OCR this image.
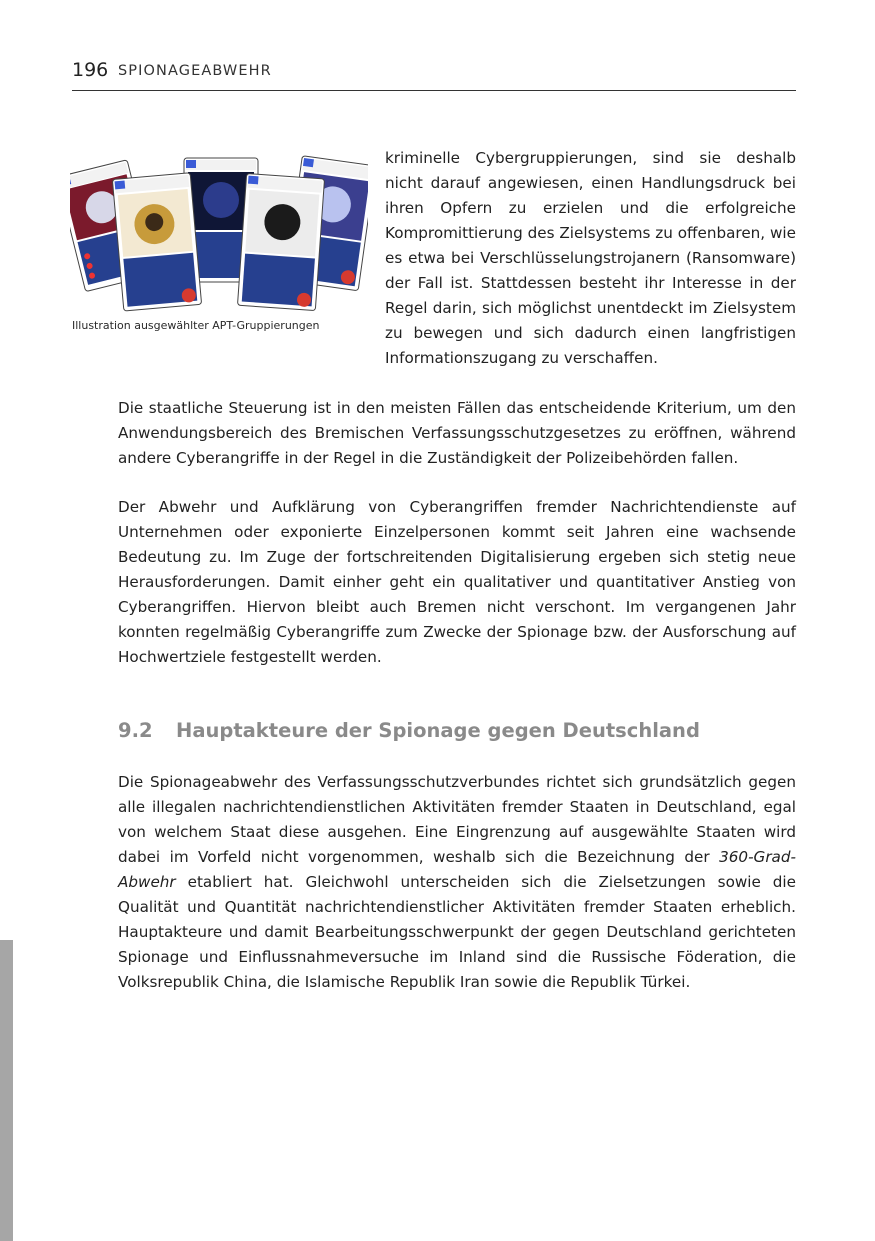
196 SPIONAGEABWEHR
Illustration ausgewählter APT-Gruppierungen

kriminelle Cybergruppierungen, sind sie deshalb nicht darauf angewiesen, einen Handlungsdruck bei ihren Opfern zu erzielen und die erfolgreiche Kompromittierung des Zielsystems zu offenbaren, wie es etwa bei Verschlüsselungstrojanern (Ransomware) der Fall ist. Stattdessen besteht ihr Interesse in der Regel darin, sich möglichst unentdeckt im Zielsystem zu bewegen und sich dadurch einen langfristigen Informationszugang zu verschaffen.

Die staatliche Steuerung ist in den meisten Fällen das entscheidende Kriterium, um den Anwendungsbereich des Bremischen Verfassungsschutzgesetzes zu eröffnen, während andere Cyberangriffe in der Regel in die Zuständigkeit der Polizeibehörden fallen.

Der Abwehr und Aufklärung von Cyberangriffen fremder Nachrichtendienste auf Unternehmen oder exponierte Einzelpersonen kommt seit Jahren eine wachsende Bedeutung zu. Im Zuge der fortschreitenden Digitalisierung ergeben sich stetig neue Herausforderungen. Damit einher geht ein qualitativer und quantitativer Anstieg von Cyberangriffen. Hiervon bleibt auch Bremen nicht verschont. Im vergangenen Jahr konnten regelmäßig Cyberangriffe zum Zwecke der Spionage bzw. der Ausforschung auf Hochwertziele festgestellt werden.

9.2 Hauptakteure der Spionage gegen Deutschland

Die Spionageabwehr des Verfassungsschutzverbundes richtet sich grundsätzlich gegen alle illegalen nachrichtendienstlichen Aktivitäten fremder Staaten in Deutschland, egal von welchem Staat diese ausgehen. Eine Eingrenzung auf ausgewählte Staaten wird dabei im Vorfeld nicht vorgenommen, weshalb sich die Bezeichnung der 360-Grad-Abwehr etabliert hat. Gleichwohl unterscheiden sich die Zielsetzungen sowie die Qualität und Quantität nachrichtendienstlicher Aktivitäten fremder Staaten erheblich. Hauptakteure und damit Bearbeitungsschwerpunkt der gegen Deutschland gerichteten Spionage und Einflussnahmeversuche im Inland sind die Russische Föderation, die Volksrepublik China, die Islamische Republik Iran sowie die Republik Türkei.
